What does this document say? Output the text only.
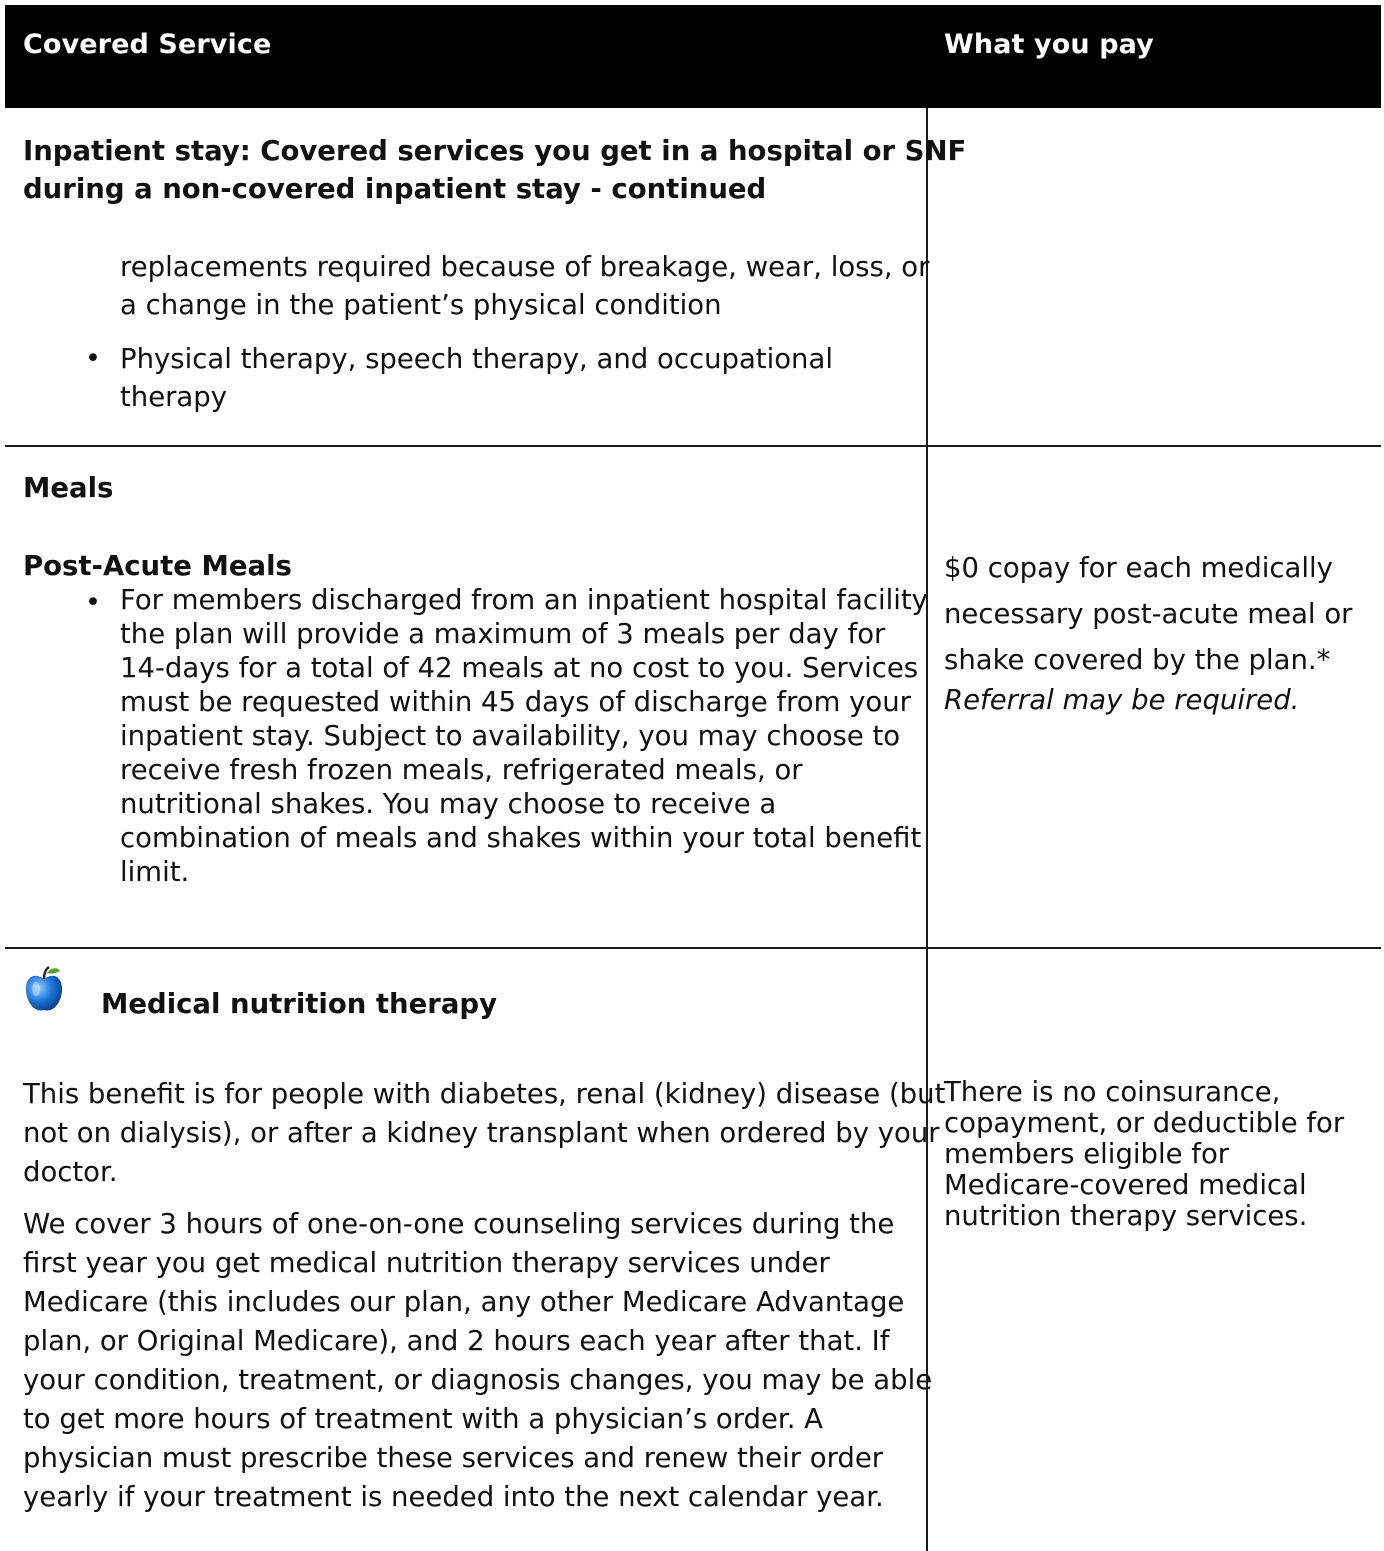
Covered Service	What you pay
Inpatient stay: Covered services you get in a hospital or SNF
during a non-covered inpatient stay - continued
replacements required because of breakage, wear, loss, or
a change in the patient’s physical condition
• Physical therapy, speech therapy, and occupational
therapy
Meals
Post-Acute Meals
• For members discharged from an inpatient hospital facility
the plan will provide a maximum of 3 meals per day for
14-days for a total of 42 meals at no cost to you. Services
must be requested within 45 days of discharge from your
inpatient stay. Subject to availability, you may choose to
receive fresh frozen meals, refrigerated meals, or
nutritional shakes. You may choose to receive a
combination of meals and shakes within your total benefit
limit.
$0 copay for each medically
necessary post-acute meal or
shake covered by the plan.*
Referral may be required.
Medical nutrition therapy
This benefit is for people with diabetes, renal (kidney) disease (but
not on dialysis), or after a kidney transplant when ordered by your
doctor.
We cover 3 hours of one-on-one counseling services during the
first year you get medical nutrition therapy services under
Medicare (this includes our plan, any other Medicare Advantage
plan, or Original Medicare), and 2 hours each year after that. If
your condition, treatment, or diagnosis changes, you may be able
to get more hours of treatment with a physician’s order. A
physician must prescribe these services and renew their order
yearly if your treatment is needed into the next calendar year.
There is no coinsurance,
copayment, or deductible for
members eligible for
Medicare-covered medical
nutrition therapy services.
